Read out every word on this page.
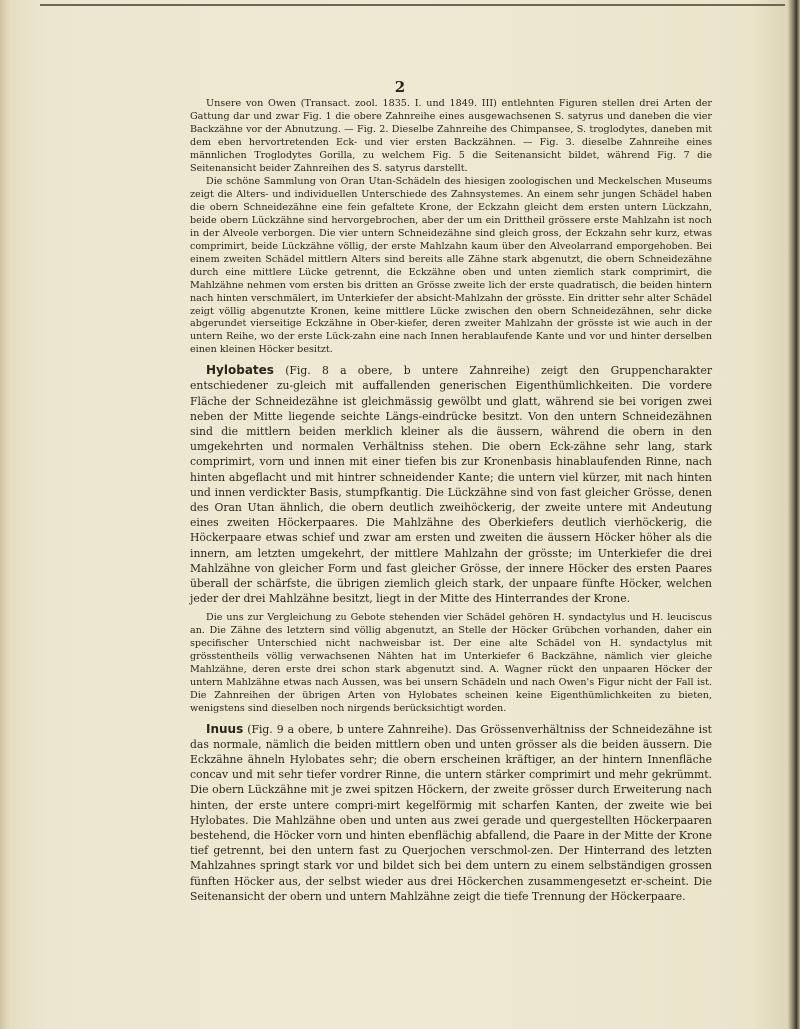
2

Unsere von Owen (Transact. zool. 1835. I. und 1849. III) entlehnten Figuren stellen drei Arten der Gattung dar und zwar Fig. 1 die obere Zahnreihe eines ausgewachsenen S. satyrus und daneben die vier Backzähne vor der Abnutzung. — Fig. 2. Dieselbe Zahnreihe des Chimpansee, S. troglodytes, daneben mit dem eben hervortretenden Eck- und vier ersten Backzähnen. — Fig. 3. dieselbe Zahnreihe eines männlichen Troglodytes Gorilla, zu welchem Fig. 5 die Seitenansicht bildet, während Fig. 7 die Seitenansicht beider Zahnreihen des S. satyrus darstellt.

Die schöne Sammlung von Oran Utan-Schädeln des hiesigen zoologischen und Meckelschen Museums zeigt die Alters- und individuellen Unterschiede des Zahnsystemes. An einem sehr jungen Schädel haben die obern Schneidezähne eine fein gefaltete Krone, der Eckzahn gleicht dem ersten untern Lückzahn, beide obern Lückzähne sind hervorgebrochen, aber der um ein Drittheil grössere erste Mahlzahn ist noch in der Alveole verborgen. Die vier untern Schneidezähne sind gleich gross, der Eckzahn sehr kurz, etwas comprimirt, beide Lückzähne völlig, der erste Mahlzahn kaum über den Alveolarrand emporgehoben. Bei einem zweiten Schädel mittlern Alters sind bereits alle Zähne stark abgenutzt, die obern Schneidezähne durch eine mittlere Lücke getrennt, die Eckzähne oben und unten ziemlich stark comprimirt, die Mahlzähne nehmen vom ersten bis dritten an Grösse zweite lich der erste quadratisch, die beiden hintern nach hinten verschmälert, im Unterkiefer der absicht-Mahlzahn der grösste. Ein dritter sehr alter Schädel zeigt völlig abgenutzte Kronen, keine mittlere Lücke zwischen den obern Schneidezähnen, sehr dicke abgerundet vierseitige Eckzähne in Ober-kiefer, deren zweiter Mahlzahn der grösste ist wie auch in der untern Reihe, wo der erste Lück-zahn eine nach Innen herablaufende Kante und vor und hinter derselben einen kleinen Höcker besitzt.

Hylobates (Fig. 8 a obere, b untere Zahnreihe) zeigt den Gruppencharakter entschiedener zu-gleich mit auffallenden generischen Eigenthümlichkeiten. Die vordere Fläche der Schneidezähne ist gleichmässig gewölbt und glatt, während sie bei vorigen zwei neben der Mitte liegende seichte Längs-eindrücke besitzt. Von den untern Schneidezähnen sind die mittlern beiden merklich kleiner als die äussern, während die obern in den umgekehrten und normalen Verhältniss stehen. Die obern Eck-zähne sehr lang, stark comprimirt, vorn und innen mit einer tiefen bis zur Kronenbasis hinablaufenden Rinne, nach hinten abgeflacht und mit hintrer schneidender Kante; die untern viel kürzer, mit nach hinten und innen verdickter Basis, stumpfkantig. Die Lückzähne sind von fast gleicher Grösse, denen des Oran Utan ähnlich, die obern deutlich zweihöckerig, der zweite untere mit Andeutung eines zweiten Höckerpaares. Die Mahlzähne des Oberkiefers deutlich vierhöckerig, die Höckerpaare etwas schief und zwar am ersten und zweiten die äussern Höcker höher als die innern, am letzten umgekehrt, der mittlere Mahlzahn der grösste; im Unterkiefer die drei Mahlzähne von gleicher Form und fast gleicher Grösse, der innere Höcker des ersten Paares überall der schärfste, die übrigen ziemlich gleich stark, der unpaare fünfte Höcker, welchen jeder der drei Mahlzähne besitzt, liegt in der Mitte des Hinterrandes der Krone.

Die uns zur Vergleichung zu Gebote stehenden vier Schädel gehören H. syndactylus und H. leuciscus an. Die Zähne des letztern sind völlig abgenutzt, an Stelle der Höcker Grübchen vorhanden, daher ein specifischer Unterschied nicht nachweisbar ist. Der eine alte Schädel von H. syndactylus mit grösstentheils völlig verwachsenen Nähten hat im Unterkiefer 6 Backzähne, nämlich vier gleiche Mahlzähne, deren erste drei schon stark abgenutzt sind. A. Wagner rückt den unpaaren Höcker der untern Mahlzähne etwas nach Aussen, was bei unsern Schädeln und nach Owen's Figur nicht der Fall ist. Die Zahnreihen der übrigen Arten von Hylobates scheinen keine Eigenthümlichkeiten zu bieten, wenigstens sind dieselben noch nirgends berücksichtigt worden.

Inuus (Fig. 9 a obere, b untere Zahnreihe). Das Grössenverhältniss der Schneidezähne ist das normale, nämlich die beiden mittlern oben und unten grösser als die beiden äussern. Die Eckzähne ähneln Hylobates sehr; die obern erscheinen kräftiger, an der hintern Innenfläche concav und mit sehr tiefer vordrer Rinne, die untern stärker comprimirt und mehr gekrümmt. Die obern Lückzähne mit je zwei spitzen Höckern, der zweite grösser durch Erweiterung nach hinten, der erste untere compri-mirt kegelförmig mit scharfen Kanten, der zweite wie bei Hylobates. Die Mahlzähne oben und unten aus zwei gerade und quergestellten Höckerpaaren bestehend, die Höcker vorn und hinten ebenflächig abfallend, die Paare in der Mitte der Krone tief getrennt, bei den untern fast zu Querjochen verschmol-zen. Der Hinterrand des letzten Mahlzahnes springt stark vor und bildet sich bei dem untern zu einem selbständigen grossen fünften Höcker aus, der selbst wieder aus drei Höckerchen zusammengesetzt er-scheint. Die Seitenansicht der obern und untern Mahlzähne zeigt die tiefe Trennung der Höckerpaare.
